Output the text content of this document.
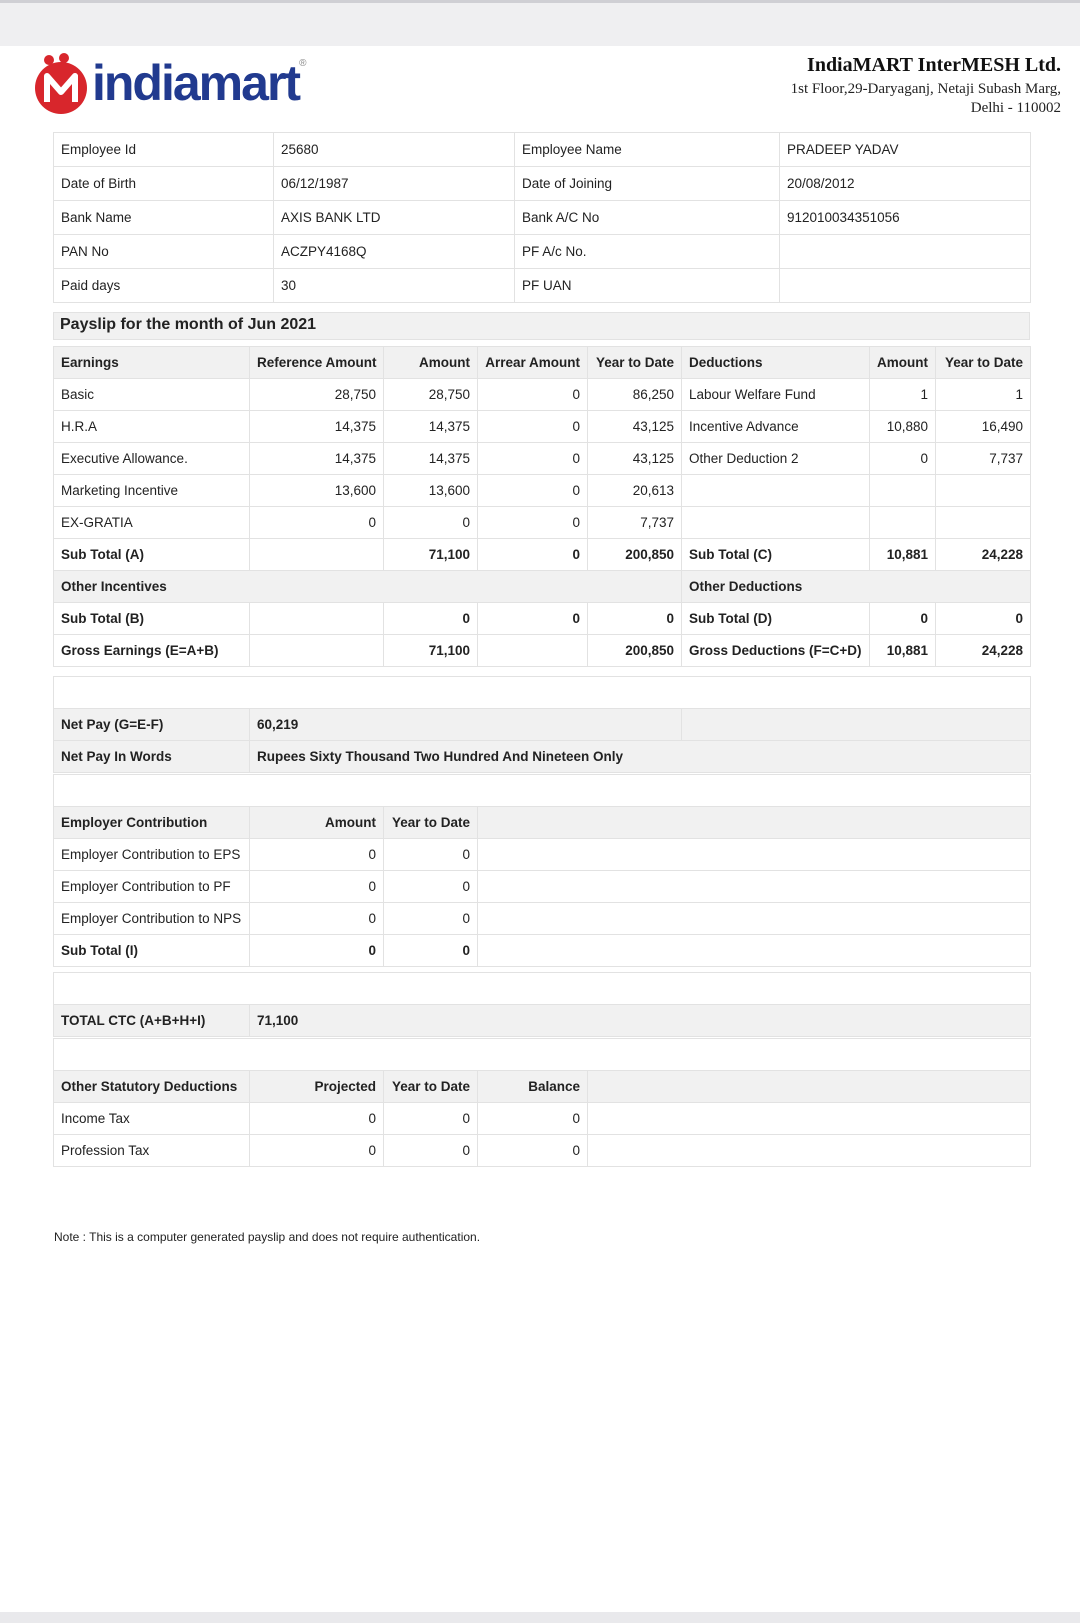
indiamart ®	IndiaMART InterMESH Ltd.
1st Floor,29-Daryaganj, Netaji Subash Marg,
Delhi - 110002
Employee Id	25680	Employee Name	PRADEEP YADAV
Date of Birth	06/12/1987	Date of Joining	20/08/2012
Bank Name	AXIS BANK LTD	Bank A/C No	912010034351056
PAN No	ACZPY4168Q	PF A/c No.	
Paid days	30	PF UAN	
Payslip for the month of Jun 2021
Earnings	Reference Amount	Amount	Arrear Amount	Year to Date	Deductions	Amount	Year to Date
Basic	28,750	28,750	0	86,250	Labour Welfare Fund	1	1
H.R.A	14,375	14,375	0	43,125	Incentive Advance	10,880	16,490
Executive Allowance.	14,375	14,375	0	43,125	Other Deduction 2	0	7,737
Marketing Incentive	13,600	13,600	0	20,613			
EX-GRATIA	0	0	0	7,737			
Sub Total (A)		71,100	0	200,850	Sub Total (C)	10,881	24,228
Other Incentives					Other Deductions		
Sub Total (B)		0	0	0	Sub Total (D)	0	0
Gross Earnings (E=A+B)		71,100		200,850	Gross Deductions (F=C+D)	10,881	24,228

Net Pay (G=E-F)	60,219	
Net Pay In Words	Rupees Sixty Thousand Two Hundred And Nineteen Only	

Employer Contribution	Amount	Year to Date	
Employer Contribution to EPS	0	0	
Employer Contribution to PF	0	0	
Employer Contribution to NPS	0	0	
Sub Total (I)	0	0	

TOTAL CTC (A+B+H+I)	71,100

Other Statutory Deductions	Projected	Year to Date	Balance	
Income Tax	0	0	0	
Profession Tax	0	0	0	
Note : This is a computer generated payslip and does not require authentication.
